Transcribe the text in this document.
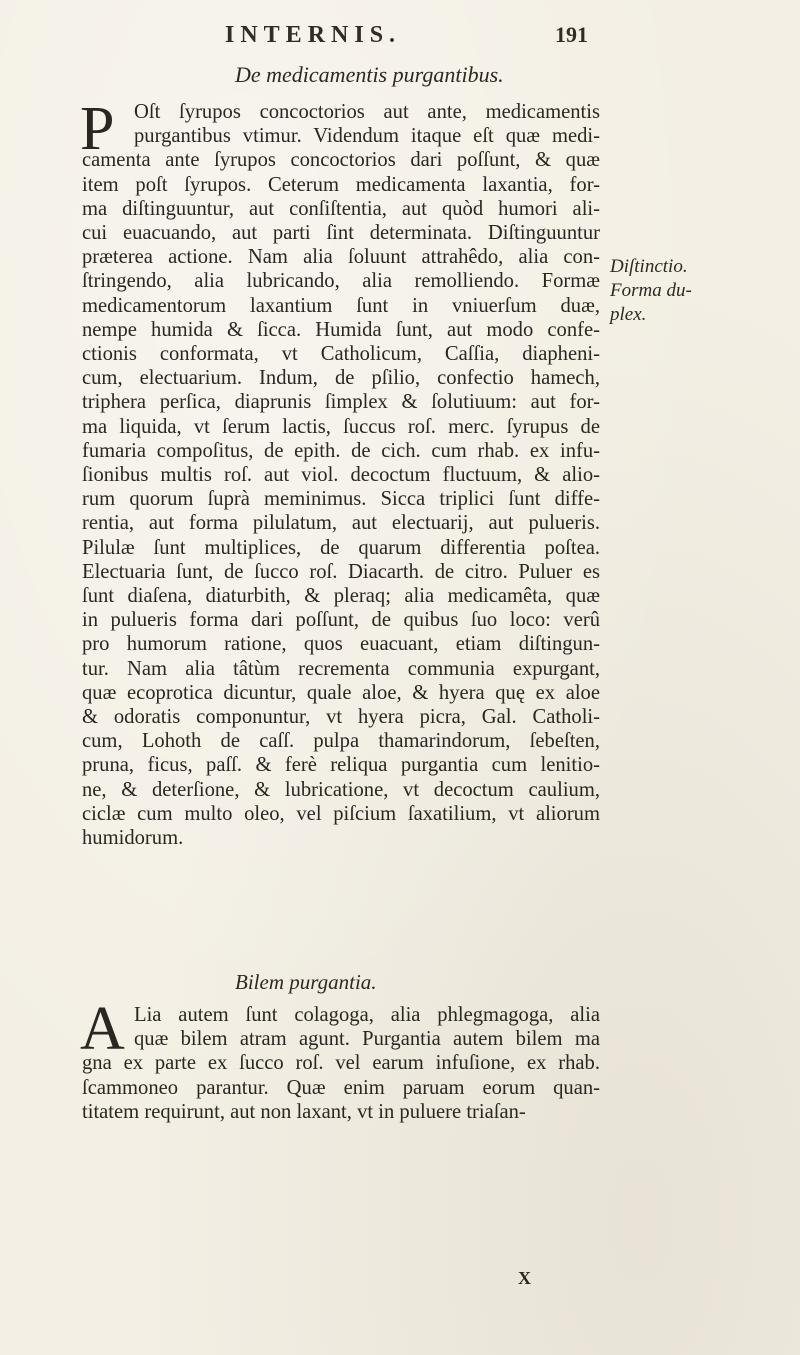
INTERNIS.	191
De medicamentis purgantibus.
P Oſt ſyrupos concoctorios aut ante, medicamentis
purgantibus vtimur. Videndum itaque eſt quæ medi-
camenta ante ſyrupos concoctorios dari poſſunt, & quæ
item poſt ſyrupos. Ceterum medicamenta laxantia, for-
ma diſtinguuntur, aut conſiſtentia, aut quòd humori ali-
cui euacuando, aut parti ſint determinata. Diſtinguuntur
præterea actione. Nam alia ſoluunt attrahêdo, alia con-
ſtringendo, alia lubricando, alia remolliendo. Formæ
medicamentorum laxantium ſunt in vniuerſum duæ,
nempe humida & ſicca. Humida ſunt, aut modo confe-
ctionis conformata, vt Catholicum, Caſſia, diapheni-
cum, electuarium. Indum, de pſilio, confectio hamech,
triphera perſica, diaprunis ſimplex & ſolutiuum: aut for-
ma liquida, vt ſerum lactis, ſuccus roſ. merc. ſyrupus de
fumaria compoſitus, de epith. de cich. cum rhab. ex infu-
ſionibus multis roſ. aut viol. decoctum fluctuum, & alio-
rum quorum ſuprà meminimus. Sicca triplici ſunt diffe-
rentia, aut forma pilulatum, aut electuarij, aut pulueris.
Pilulæ ſunt multiplices, de quarum differentia poſtea.
Electuaria ſunt, de ſucco roſ. Diacarth. de citro. Puluer es
ſunt diaſena, diaturbith, & pleraq; alia medicamêta, quæ
in pulueris forma dari poſſunt, de quibus ſuo loco: verû
pro humorum ratione, quos euacuant, etiam diſtingun-
tur. Nam alia tâtùm recrementa communia expurgant,
quæ ecoprotica dicuntur, quale aloe, & hyera quę ex aloe
& odoratis componuntur, vt hyera picra, Gal. Catholi-
cum, Lohoth de caſſ. pulpa thamarindorum, ſebeſten,
pruna, ficus, paſſ. & ferè reliqua purgantia cum lenitio-
ne, & deterſione, & lubricatione, vt decoctum caulium,
ciclæ cum multo oleo, vel piſcium ſaxatilium, vt aliorum
humidorum.
Diſtinctio.
Forma du-
plex.
Bilem purgantia.
A Lia autem ſunt colagoga, alia phlegmagoga, alia
quæ bilem atram agunt. Purgantia autem bilem ma
gna ex parte ex ſucco roſ. vel earum infuſione, ex rhab.
ſcammoneo parantur. Quæ enim paruam eorum quan-
titatem requirunt, aut non laxant, vt in puluere triaſan-
X
